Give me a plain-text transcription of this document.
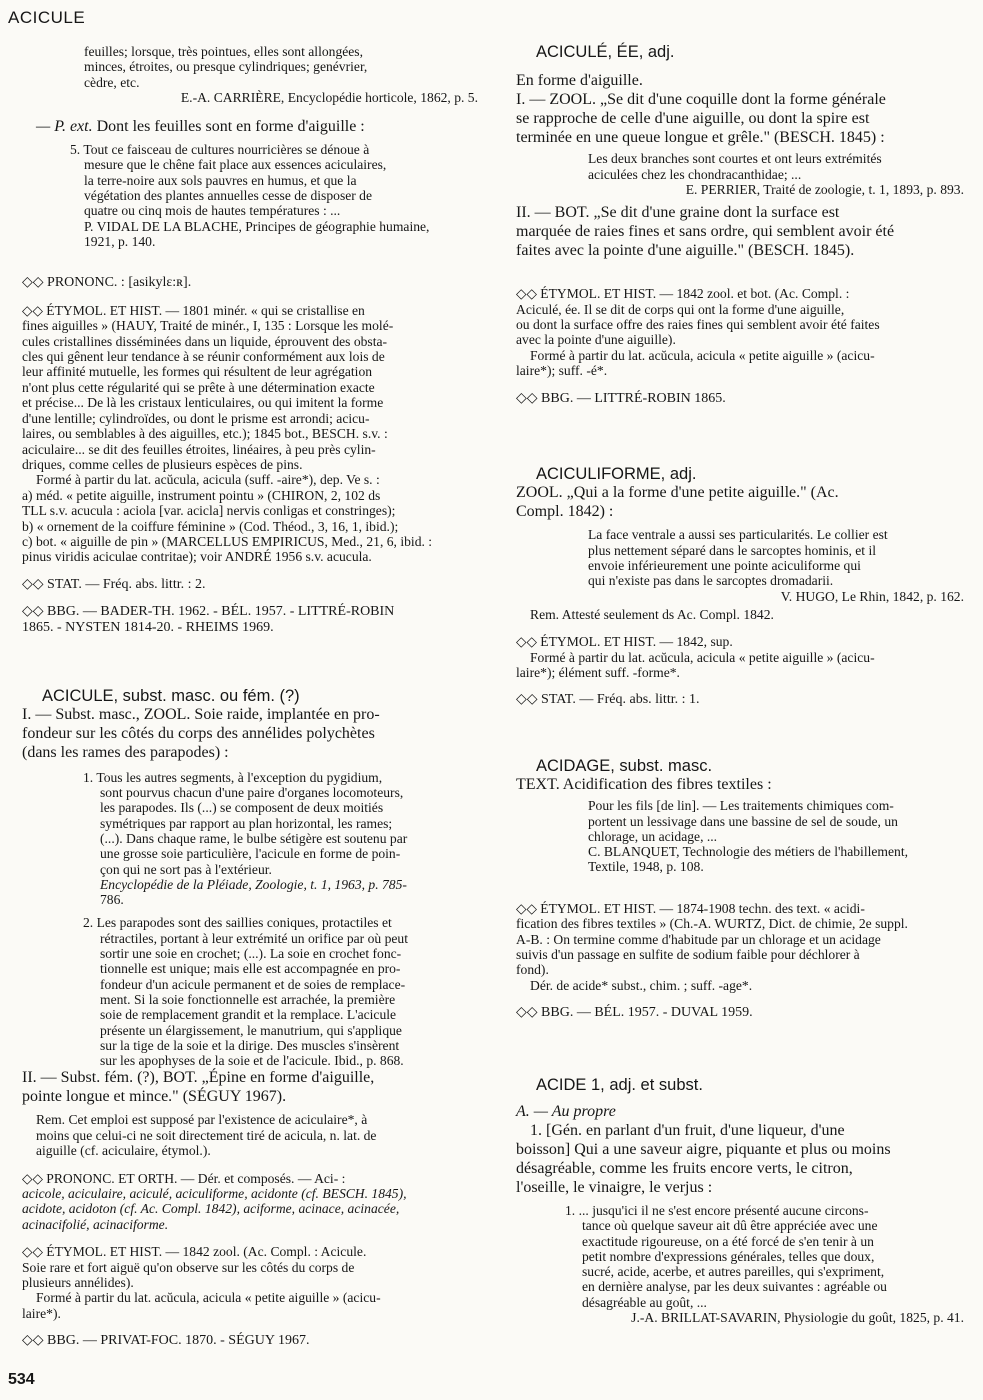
ACICULE

feuilles; lorsque, très pointues, elles sont allongées,

minces, étroites, ou presque cylindriques; genévrier,

cèdre, etc.

E.-A. CARRIÈRE, Encyclopédie horticole, 1862, p. 5.

— P. ext. Dont les feuilles sont en forme d'aiguille :

5. Tout ce faisceau de cultures nourricières se dénoue à

mesure que le chêne fait place aux essences aciculaires,

la terre-noire aux sols pauvres en humus, et que la

végétation des plantes annuelles cesse de disposer de

quatre ou cinq mois de hautes températures : ...

P. VIDAL DE LA BLACHE, Principes de géographie humaine,

1921, p. 140.

◇◇ PRONONC. : [asikylɛ:ʀ].

◇◇ ÉTYMOL. ET HIST. — 1801 minér. « qui se cristallise en

fines aiguilles » (HAUY, Traité de minér., I, 135 : Lorsque les molé-

cules cristallines disséminées dans un liquide, éprouvent des obsta-

cles qui gênent leur tendance à se réunir conformément aux lois de

leur affinité mutuelle, les formes qui résultent de leur agrégation

n'ont plus cette régularité qui se prête à une détermination exacte

et précise... De là les cristaux lenticulaires, ou qui imitent la forme

d'une lentille; cylindroïdes, ou dont le prisme est arrondi; acicu-

laires, ou semblables à des aiguilles, etc.); 1845 bot., BESCH. s.v. :

aciculaire... se dit des feuilles étroites, linéaires, à peu près cylin-

driques, comme celles de plusieurs espèces de pins.

Formé à partir du lat. acŭcula, acicula (suff. -aire*), dep. Ve s. :

a) méd. « petite aiguille, instrument pointu » (CHIRON, 2, 102 ds

TLL s.v. acucula : aciola [var. acicla] nervis conligas et constringes);

b) « ornement de la coiffure féminine » (Cod. Théod., 3, 16, 1, ibid.);

c) bot. « aiguille de pin » (MARCELLUS EMPIRICUS, Med., 21, 6, ibid. :

pinus viridis aciculae contritae); voir ANDRÉ 1956 s.v. acucula.

◇◇ STAT. — Fréq. abs. littr. : 2.

◇◇ BBG. — BADER-TH. 1962. - BÉL. 1957. - LITTRÉ-ROBIN

1865. - NYSTEN 1814-20. - RHEIMS 1969.

ACICULE, subst. masc. ou fém. (?)

I. — Subst. masc., ZOOL. Soie raide, implantée en pro-

fondeur sur les côtés du corps des annélides polychètes

(dans les rames des parapodes) :

1. Tous les autres segments, à l'exception du pygidium,

sont pourvus chacun d'une paire d'organes locomoteurs,

les parapodes. Ils (...) se composent de deux moitiés

symétriques par rapport au plan horizontal, les rames;

(...). Dans chaque rame, le bulbe sétigère est soutenu par

une grosse soie particulière, l'acicule en forme de poin-

çon qui ne sort pas à l'extérieur.

Encyclopédie de la Pléiade, Zoologie, t. 1, 1963, p. 785-

786.

2. Les parapodes sont des saillies coniques, protactiles et

rétractiles, portant à leur extrémité un orifice par où peut

sortir une soie en crochet; (...). La soie en crochet fonc-

tionnelle est unique; mais elle est accompagnée en pro-

fondeur d'un acicule permanent et de soies de remplace-

ment. Si la soie fonctionnelle est arrachée, la première

soie de remplacement grandit et la remplace. L'acicule

présente un élargissement, le manutrium, qui s'applique

sur la tige de la soie et la dirige. Des muscles s'insèrent

sur les apophyses de la soie et de l'acicule. Ibid., p. 868.

II. — Subst. fém. (?), BOT. „Épine en forme d'aiguille,

pointe longue et mince." (SÉGUY 1967).

Rem. Cet emploi est supposé par l'existence de aciculaire*, à

moins que celui-ci ne soit directement tiré de acicula, n. lat. de

aiguille (cf. aciculaire, étymol.).

◇◇ PRONONC. ET ORTH. — Dér. et composés. — Aci- :

acicole, aciculaire, aciculé, aciculiforme, acidonte (cf. BESCH. 1845),

acidote, acidoton (cf. Ac. Compl. 1842), aciforme, acinace, acinacée,

acinacifolié, acinaciforme.

◇◇ ÉTYMOL. ET HIST. — 1842 zool. (Ac. Compl. : Acicule.

Soie rare et fort aiguë qu'on observe sur les côtés du corps de

plusieurs annélides).

Formé à partir du lat. acŭcula, acicula « petite aiguille » (acicu-

laire*).

◇◇ BBG. — PRIVAT-FOC. 1870. - SÉGUY 1967.

ACICULÉ, ÉE, adj.

En forme d'aiguille.

I. — ZOOL. „Se dit d'une coquille dont la forme générale

se rapproche de celle d'une aiguille, ou dont la spire est

terminée en une queue longue et grêle." (BESCH. 1845) :

Les deux branches sont courtes et ont leurs extrémités

aciculées chez les chondracanthidae; ...

E. PERRIER, Traité de zoologie, t. 1, 1893, p. 893.

II. — BOT. „Se dit d'une graine dont la surface est

marquée de raies fines et sans ordre, qui semblent avoir été

faites avec la pointe d'une aiguille." (BESCH. 1845).

◇◇ ÉTYMOL. ET HIST. — 1842 zool. et bot. (Ac. Compl. :

Aciculé, ée. Il se dit de corps qui ont la forme d'une aiguille,

ou dont la surface offre des raies fines qui semblent avoir été faites

avec la pointe d'une aiguille).

Formé à partir du lat. acŭcula, acicula « petite aiguille » (acicu-

laire*); suff. -é*.

◇◇ BBG. — LITTRÉ-ROBIN 1865.

ACICULIFORME, adj.

ZOOL. „Qui a la forme d'une petite aiguille." (Ac.

Compl. 1842) :

La face ventrale a aussi ses particularités. Le collier est

plus nettement séparé dans le sarcoptes hominis, et il

envoie inférieurement une pointe aciculiforme qui

qui n'existe pas dans le sarcoptes dromadarii.

V. HUGO, Le Rhin, 1842, p. 162.

Rem. Attesté seulement ds Ac. Compl. 1842.

◇◇ ÉTYMOL. ET HIST. — 1842, sup.

Formé à partir du lat. acŭcula, acicula « petite aiguille » (acicu-

laire*); élément suff. -forme*.

◇◇ STAT. — Fréq. abs. littr. : 1.

ACIDAGE, subst. masc.

TEXT. Acidification des fibres textiles :

Pour les fils [de lin]. — Les traitements chimiques com-

portent un lessivage dans une bassine de sel de soude, un

chlorage, un acidage, ...

C. BLANQUET, Technologie des métiers de l'habillement,

Textile, 1948, p. 108.

◇◇ ÉTYMOL. ET HIST. — 1874-1908 techn. des text. « acidi-

fication des fibres textiles » (Ch.-A. WURTZ, Dict. de chimie, 2e suppl.

A-B. : On termine comme d'habitude par un chlorage et un acidage

suivis d'un passage en sulfite de sodium faible pour déchlorer à

fond).

Dér. de acide* subst., chim. ; suff. -age*.

◇◇ BBG. — BÉL. 1957. - DUVAL 1959.

ACIDE 1, adj. et subst.

A. — Au propre

1. [Gén. en parlant d'un fruit, d'une liqueur, d'une

boisson] Qui a une saveur aigre, piquante et plus ou moins

désagréable, comme les fruits encore verts, le citron,

l'oseille, le vinaigre, le verjus :

1. ... jusqu'ici il ne s'est encore présenté aucune circons-

tance où quelque saveur ait dû être appréciée avec une

exactitude rigoureuse, on a été forcé de s'en tenir à un

petit nombre d'expressions générales, telles que doux,

sucré, acide, acerbe, et autres pareilles, qui s'expriment,

en dernière analyse, par les deux suivantes : agréable ou

désagréable au goût, ...

J.-A. BRILLAT-SAVARIN, Physiologie du goût, 1825, p. 41.

534
